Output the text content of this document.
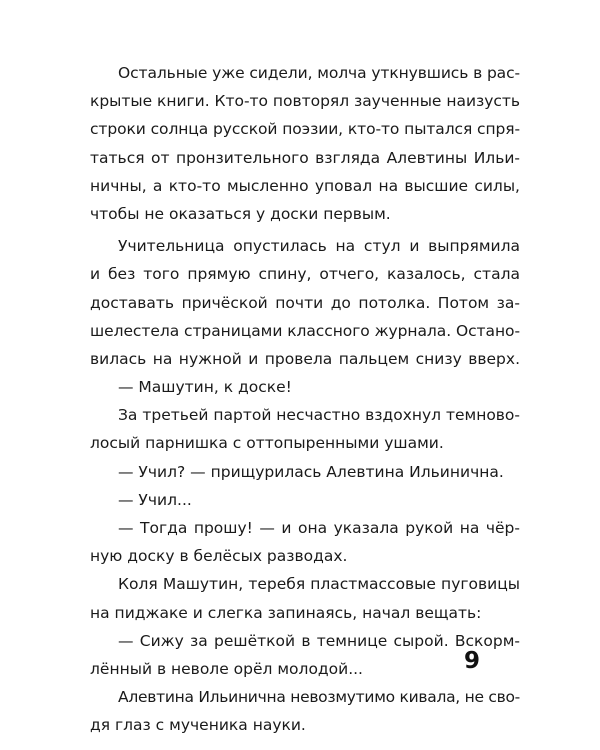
Остальные уже сидели, молча уткнувшись в рас-
крытые книги. Кто-то повторял заученные наизусть
строки солнца русской поэзии, кто-то пытался спря-
таться от пронзительного взгляда Алевтины Ильи-
ничны, а кто-то мысленно уповал на высшие силы,
чтобы не оказаться у доски первым.
Учительница опустилась на стул и выпрямила
и без того прямую спину, отчего, казалось, стала
доставать причёской почти до потолка. Потом за-
шелестела страницами классного журнала. Остано-
вилась на нужной и провела пальцем снизу вверх.
— Машутин, к доске!
За третьей партой несчастно вздохнул темново-
лосый парнишка с оттопыренными ушами.
— Учил? — прищурилась Алевтина Ильинична.
— Учил...
— Тогда прошу! — и она указала рукой на чёр-
ную доску в белёсых разводах.
Коля Машутин, теребя пластмассовые пуговицы
на пиджаке и слегка запинаясь, начал вещать:
— Сижу за решёткой в темнице сырой. Вскорм-
лённый в неволе орёл молодой...
Алевтина Ильинична невозмутимо кивала, не сво-
дя глаз с мученика науки.
9
